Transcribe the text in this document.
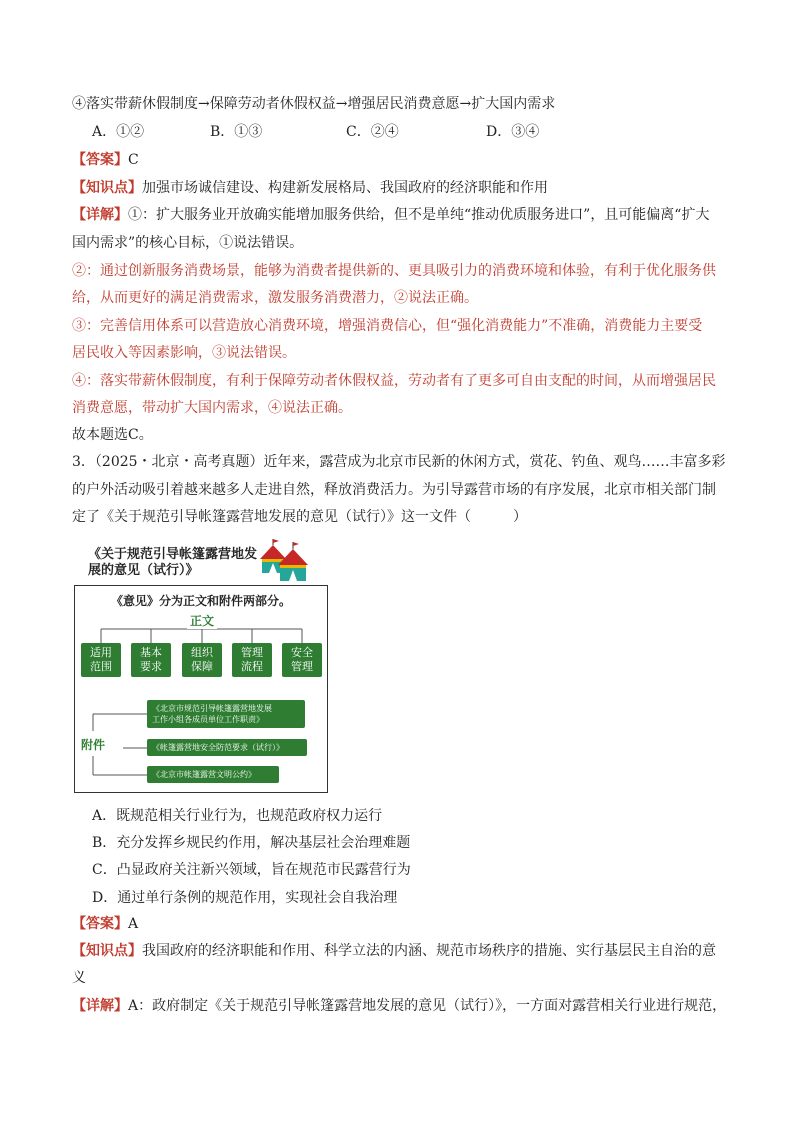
④落实带薪休假制度→保障劳动者休假权益→增强居民消费意愿→扩大国内需求
A．①②	B．①③	C．②④	D．③④
【 答案 】 C
【 知识点 】 加强市场诚信建设、构建新发展格局、我国政府的经济职能和作用
【 详解 】 ①：扩大服务业开放确实能增加服务供给，但不是单纯“推动优质服务进口”，且可能偏离“扩大
国内需求”的核心目标，①说法错误。
②：通过创新服务消费场景，能够为消费者提供新的、更具吸引力的消费环境和体验，有利于优化服务供
给，从而更好的满足消费需求，激发服务消费潜力，②说法正确。
③：完善信用体系可以营造放心消费环境，增强消费信心，但“强化消费能力”不准确，消费能力主要受
居民收入等因素影响，③说法错误。
④：落实带薪休假制度，有利于保障劳动者休假权益，劳动者有了更多可自由支配的时间，从而增强居民
消费意愿，带动扩大国内需求，④说法正确。
故本题选C。
3．（2025・北京・高考真题）近年来，露营成为北京市民新的休闲方式，赏花、钓鱼、观鸟……丰富多彩
的户外活动吸引着越来越多人走进自然，释放消费活力。为引导露营市场的有序发展，北京市相关部门制
定了《关于规范引导帐篷露营地发展的意见（试行）》这一文件（　　　）
《关于规范引导帐篷露营地发展的意见（试行）》
《意见》分为正文和附件两部分。
正文
适用
范围
基本
要求
组织
保障
管理
流程
安全
管理
附件
《北京市规范引导帐篷露营地发展
工作小组各成员单位工作职责》
《帐篷露营地安全防范要求（试行）》
《北京市帐篷露营文明公约》
A．既规范相关行业行为，也规范政府权力运行
B．充分发挥乡规民约作用，解决基层社会治理难题
C．凸显政府关注新兴领域，旨在规范市民露营行为
D．通过单行条例的规范作用，实现社会自我治理
【 答案 】 A
【 知识点 】 我国政府的经济职能和作用、科学立法的内涵、规范市场秩序的措施、实行基层民主自治的意
义
【 详解 】 A：政府制定《关于规范引导帐篷露营地发展的意见（试行）》，一方面对露营相关行业进行规范，
